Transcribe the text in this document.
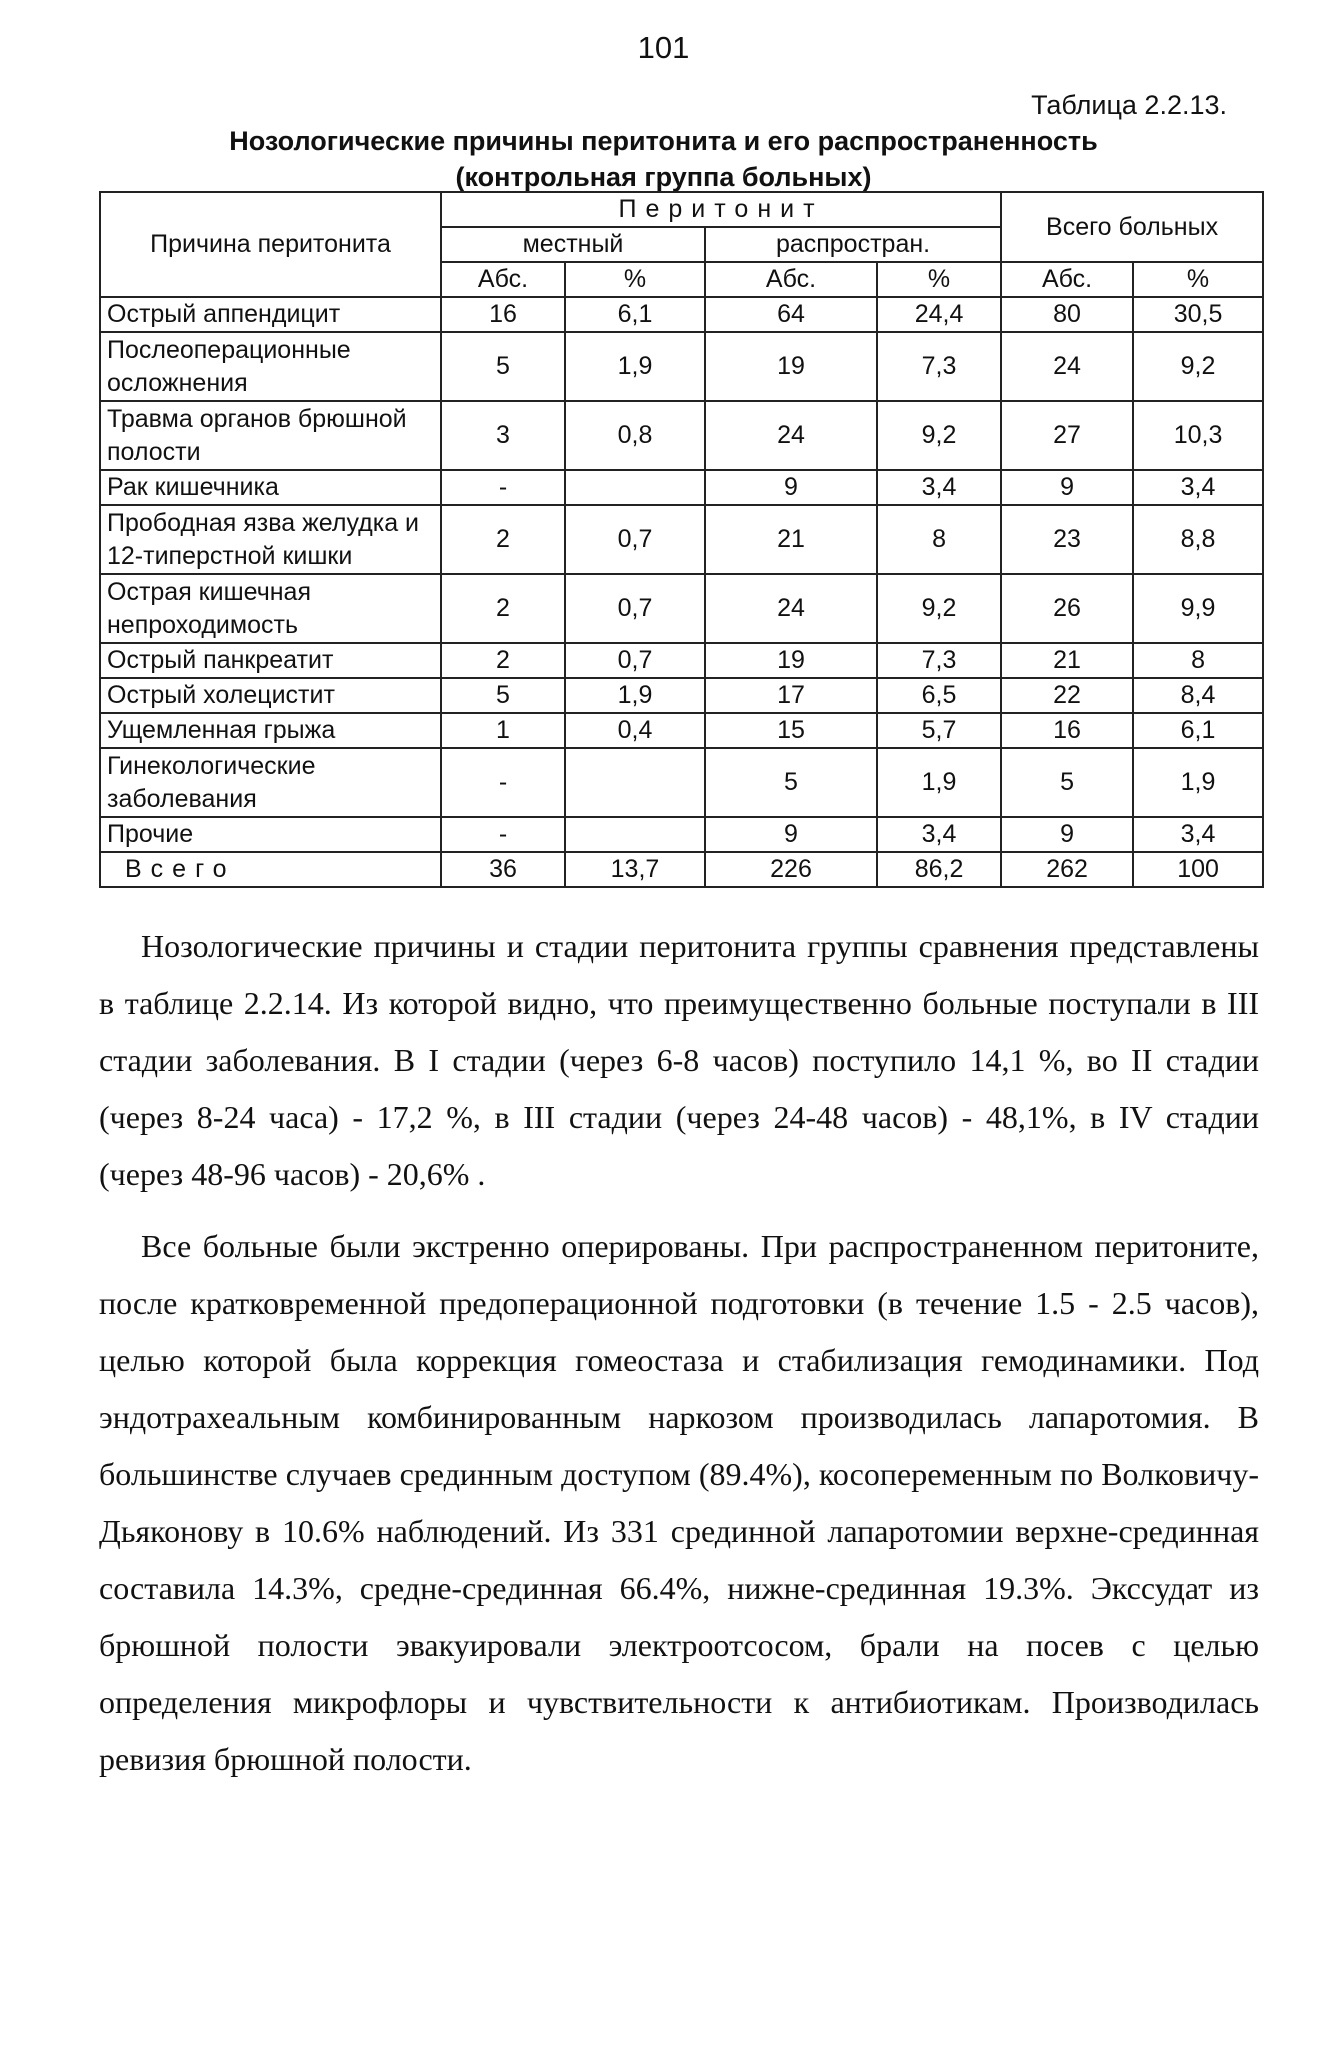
101
Таблица 2.2.13.
Нозологические причины перитонита и его распространенность
(контрольная группа больных)
Причина перитонита	Перитонит				Всего больных	
	местный		распростран.			
	Абс.	%	Абс.	%	Абс.	%
Острый аппендицит	16	6,1	64	24,4	80	30,5
Послеоперационные осложнения	5	1,9	19	7,3	24	9,2
Травма органов брюшной полости	3	0,8	24	9,2	27	10,3
Рак кишечника	-		9	3,4	9	3,4
Прободная язва желудка и 12-типерстной кишки	2	0,7	21	8	23	8,8
Острая кишечная непроходимость	2	0,7	24	9,2	26	9,9
Острый панкреатит	2	0,7	19	7,3	21	8
Острый холецистит	5	1,9	17	6,5	22	8,4
Ущемленная грыжа	1	0,4	15	5,7	16	6,1
Гинекологические заболевания	-		5	1,9	5	1,9
Прочие	-		9	3,4	9	3,4
Всего	36	13,7	226	86,2	262	100

Нозологические причины и стадии перитонита группы сравнения представлены в таблице 2.2.14. Из которой видно, что преимущественно больные поступали в III стадии заболевания. В I стадии (через 6-8 часов) поступило 14,1 %, во II стадии (через 8-24 часа) - 17,2 %, в III стадии (через 24-48 часов) - 48,1%, в IV стадии (через 48-96 часов) - 20,6% .

Все больные были экстренно оперированы. При распространенном перитоните, после кратковременной предоперационной подготовки (в течение 1.5 - 2.5 часов), целью которой была коррекция гомеостаза и стабилизация гемодинамики. Под эндотрахеальным комбинированным наркозом производилась лапаротомия. В большинстве случаев срединным доступом (89.4%), косопеременным по Волковичу-Дьяконову в 10.6% наблюдений. Из 331 срединной лапаротомии верхне-срединная составила 14.3%, средне-срединная 66.4%, нижне-срединная 19.3%. Экссудат из брюшной полости эвакуировали электроотсосом, брали на посев с целью определения микрофлоры и чувствительности к антибиотикам. Производилась ревизия брюшной полости.
